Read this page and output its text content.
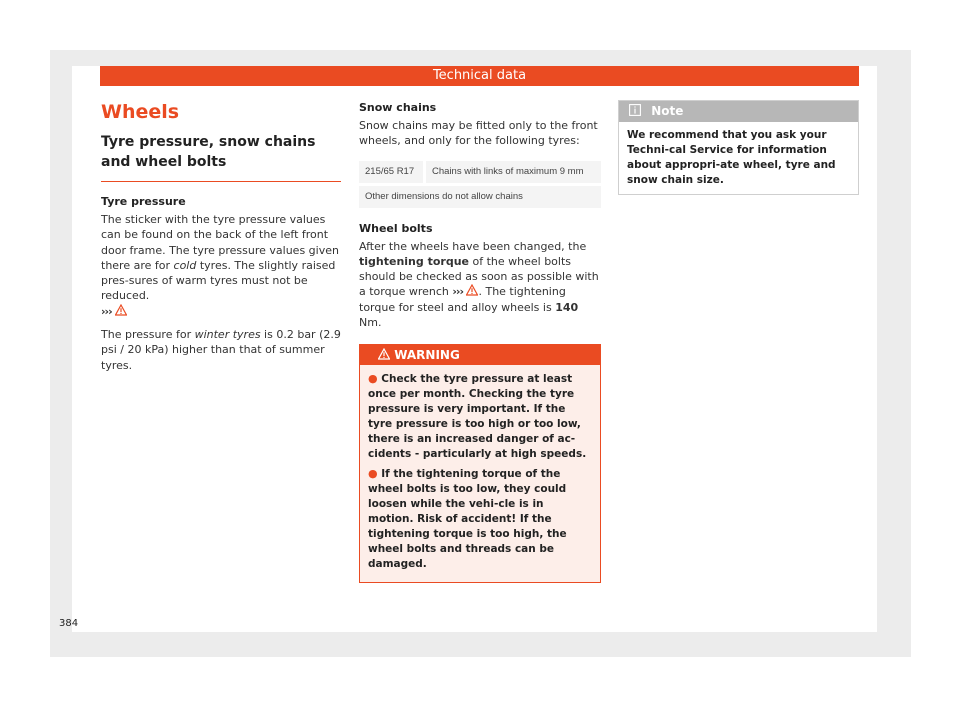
Technical data
Wheels
Tyre pressure, snow chains and wheel bolts
Tyre pressure

The sticker with the tyre pressure values can be found on the back of the left front door frame. The tyre pressure values given there are for cold tyres. The slightly raised pres-sures of warm tyres must not be reduced.
›››

The pressure for winter tyres is 0.2 bar (2.9 psi / 20 kPa) higher than that of summer tyres.

Snow chains

Snow chains may be fitted only to the front wheels, and only for the following tyres:

215/65 R17	Chains with links of maximum 9 mm
Other dimensions do not allow chains
Wheel bolts

After the wheels have been changed, the tightening torque of the wheel bolts should be checked as soon as possible with a torque wrench ››› . The tightening torque for steel and alloy wheels is 140 Nm.

WARNING
● Check the tyre pressure at least once per month. Checking the tyre pressure is very important. If the tyre pressure is too high or too low, there is an increased danger of ac-cidents - particularly at high speeds.
● If the tightening torque of the wheel bolts is too low, they could loosen while the vehi-cle is in motion. Risk of accident! If the tightening torque is too high, the wheel bolts and threads can be damaged.
Note
We recommend that you ask your Techni-cal Service for information about appropri-ate wheel, tyre and snow chain size.
384
